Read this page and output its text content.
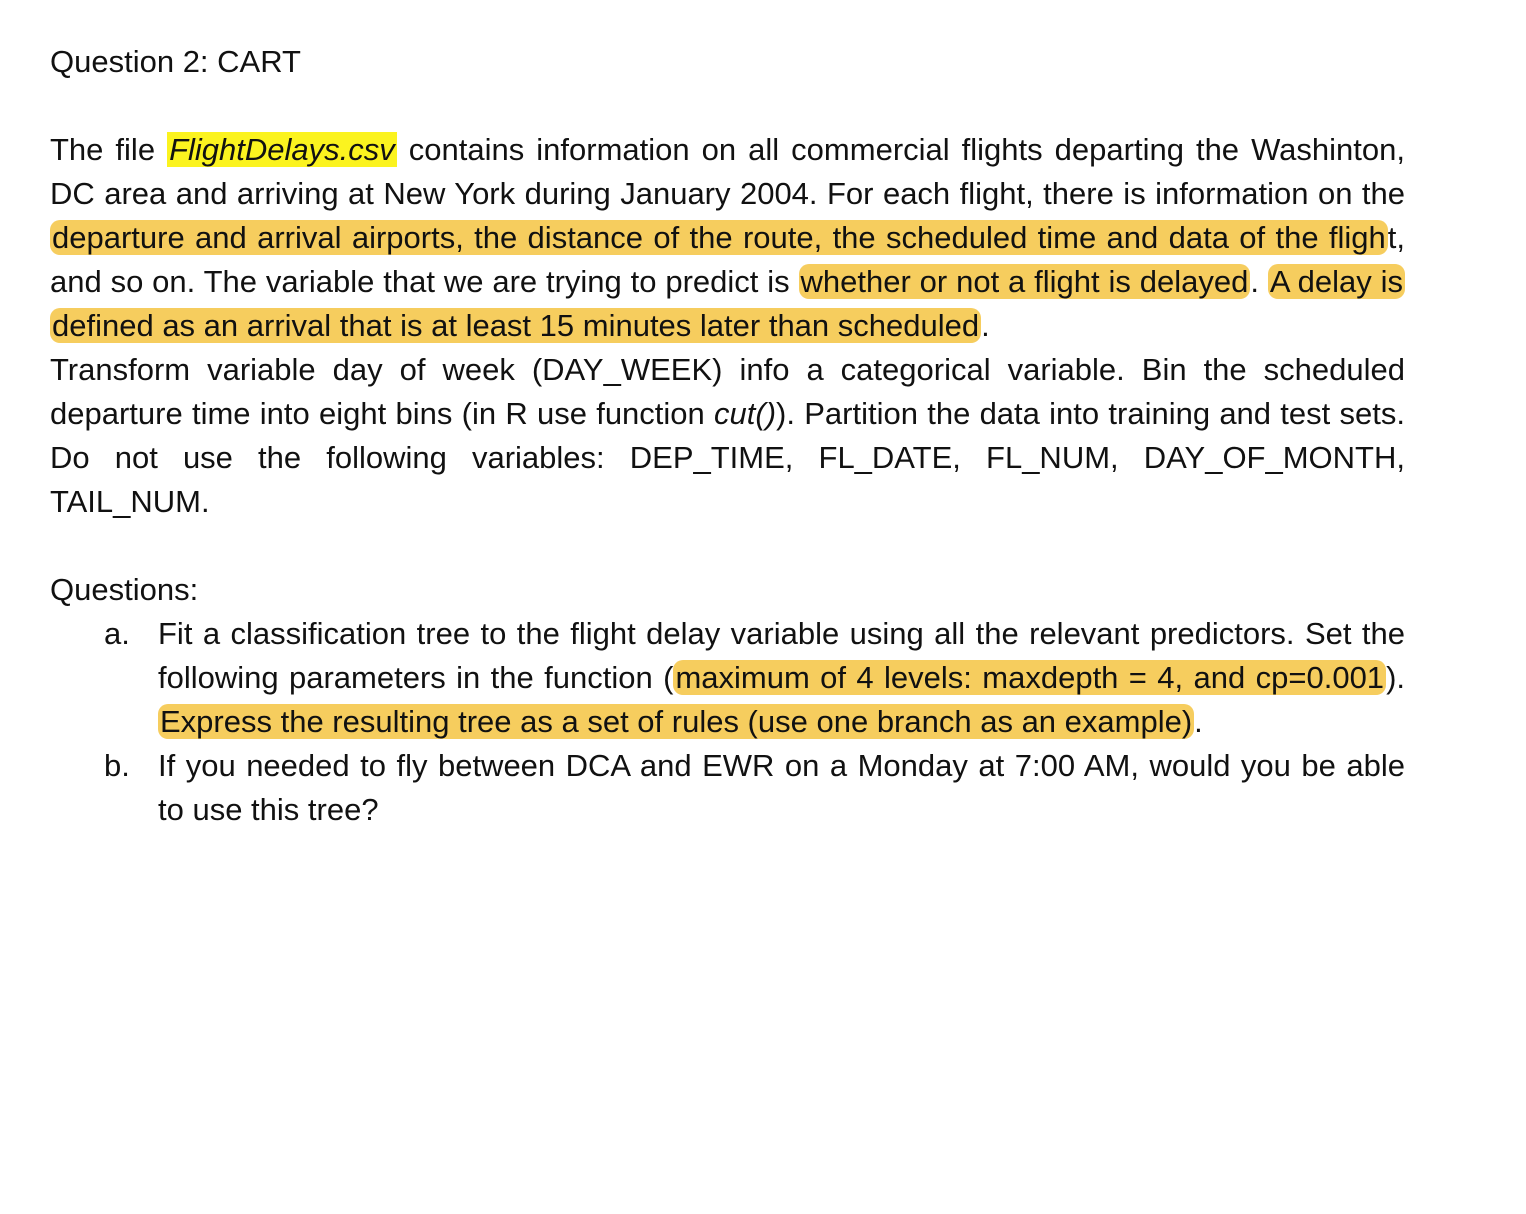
Question 2: CART

The file FlightDelays.csv contains information on all commercial flights departing the Washinton, DC area and arriving at New York during January 2004. For each flight, there is information on the departure and arrival airports, the distance of the route, the scheduled time and data of the flight, and so on. The variable that we are trying to predict is whether or not a flight is delayed. A delay is defined as an arrival that is at least 15 minutes later than scheduled.

Transform variable day of week (DAY_WEEK) info a categorical variable. Bin the scheduled departure time into eight bins (in R use function cut()). Partition the data into training and test sets. Do not use the following variables: DEP_TIME, FL_DATE, FL_NUM, DAY_OF_MONTH, TAIL_NUM.

Questions:

a. Fit a classification tree to the flight delay variable using all the relevant predictors. Set the following parameters in the function (maximum of 4 levels: maxdepth = 4, and cp=0.001). Express the resulting tree as a set of rules (use one branch as an example).
b. If you needed to fly between DCA and EWR on a Monday at 7:00 AM, would you be able to use this tree?
